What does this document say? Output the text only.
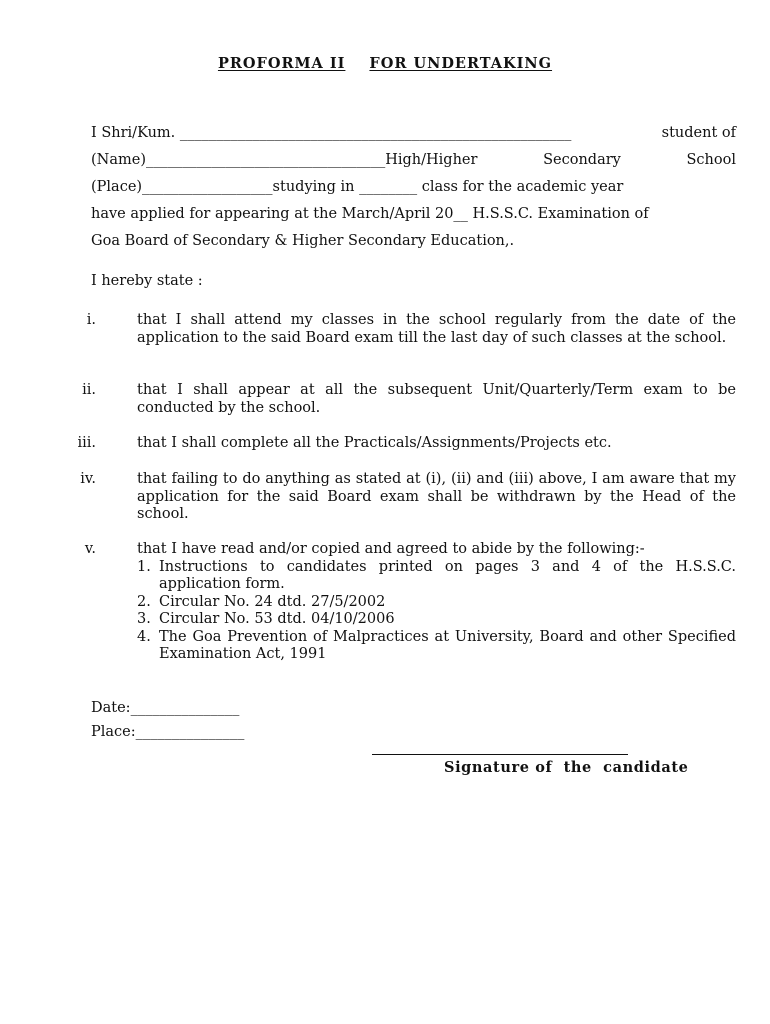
PROFORMA II FOR UNDERTAKING
I Shri/Kum. ______________________________________________________	student of
(Name)_________________________________High/Higher	Secondary	School
(Place)__________________studying in ________ class for the academic year
have applied for appearing at the March/April 20__ H.S.S.C. Examination of
Goa Board of Secondary & Higher Secondary Education,.
I hereby state :
i.	that I shall attend my classes in the school regularly from the date of the application to the said Board exam till the last day of such classes at the school.
ii.	that I shall appear at all the subsequent Unit/Quarterly/Term exam to be conducted by the school.
iii.	that I shall complete all the Practicals/Assignments/Projects etc.
iv.	that failing to do anything as stated at (i), (ii) and (iii) above, I am aware that my application for the said Board exam shall be withdrawn by the Head of the school.
v.	that I have read and/or copied and agreed to abide by the following:-
1. Instructions to candidates printed on pages 3 and 4 of the H.S.S.C. application form.
2. Circular No. 24 dtd. 27/5/2002
3. Circular No. 53 dtd. 04/10/2006
4. The Goa Prevention of Malpractices at University, Board and other Specified Examination Act, 1991
Date:_______________
Place:_______________
Signature of  the  candidate
